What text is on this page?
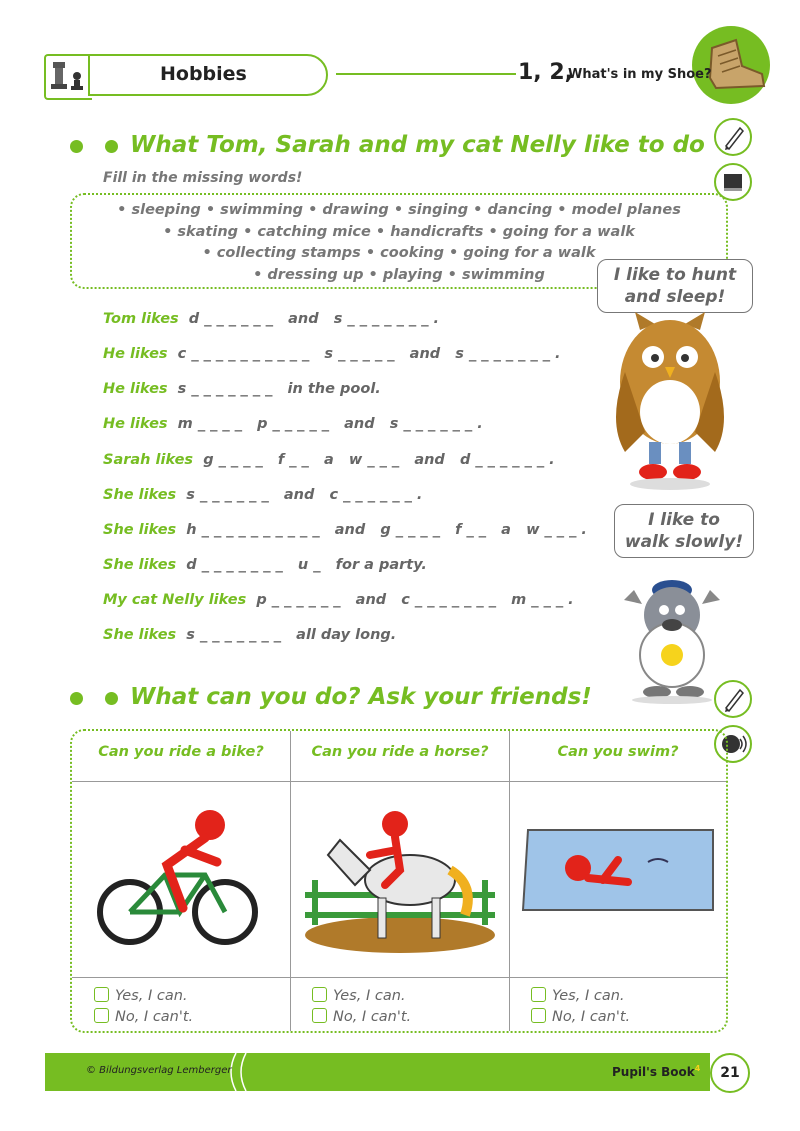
Hobbies	1, 2,
What's in my Shoe?
What Tom, Sarah and my cat Nelly like to do
Fill in the missing words!
• sleeping • swimming • drawing • singing • dancing • model planes
• skating • catching mice • handicrafts • going for a walk
• collecting stamps • cooking • going for a walk
• dressing up • playing • swimming
Tom likes d _ _ _ _ _ _   and   s _ _ _ _ _ _ _ .
He likes c _ _ _ _ _ _ _ _ _ _   s _ _ _ _ _   and   s _ _ _ _ _ _ _ .
He likes s _ _ _ _ _ _ _   in the pool.
He likes m _ _ _ _   p _ _ _ _ _   and   s _ _ _ _ _ _ .
Sarah likes g _ _ _ _   f _ _   a   w _ _ _   and   d _ _ _ _ _ _ .
She likes s _ _ _ _ _ _   and   c _ _ _ _ _ _ .
She likes h _ _ _ _ _ _ _ _ _ _   and   g _ _ _ _   f _ _   a   w _ _ _ .
She likes d _ _ _ _ _ _ _   u _   for a party.
My cat Nelly likes p _ _ _ _ _ _   and   c _ _ _ _ _ _ _   m _ _ _ .
She likes s _ _ _ _ _ _ _   all day long.
I like to hunt
and sleep!
I like to
walk slowly!
What can you do? Ask your friends!
Can you ride a bike?	Can you ride a horse?	Can you swim?
Yes, I can.
No, I can't.
Yes, I can.
No, I can't.
Yes, I can.
No, I can't.
© Bildungsverlag Lemberger	Pupil's Book$^4$	21
